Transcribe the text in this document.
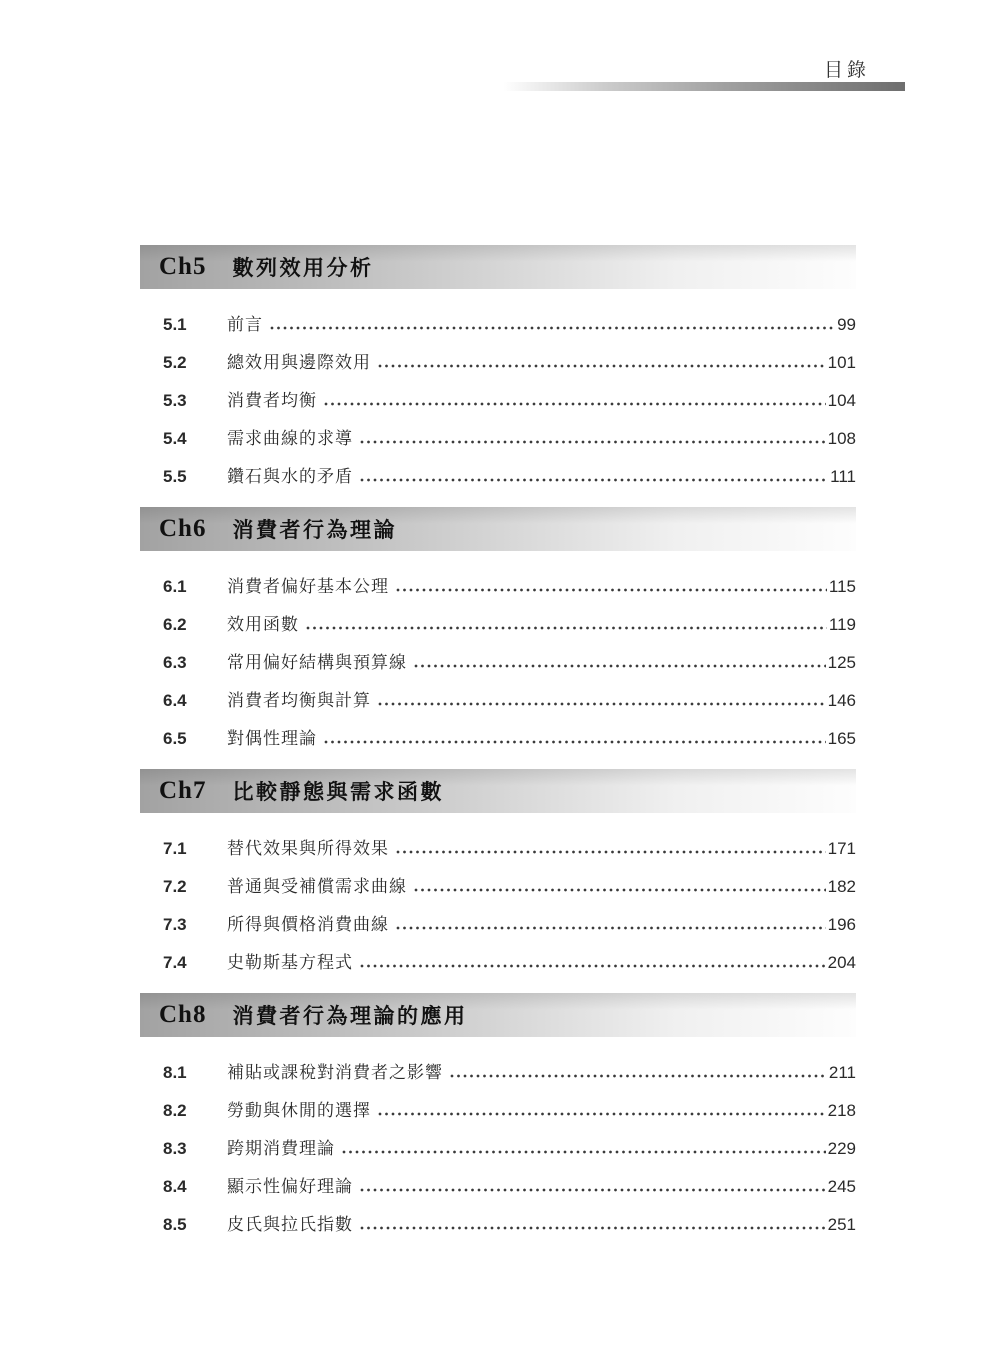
目錄
Ch5 數列效用分析
5.1	前言	99
5.2	總效用與邊際效用	101
5.3	消費者均衡	104
5.4	需求曲線的求導	108
5.5	鑽石與水的矛盾	111
Ch6 消費者行為理論
6.1	消費者偏好基本公理	115
6.2	效用函數	119
6.3	常用偏好結構與預算線	125
6.4	消費者均衡與計算	146
6.5	對偶性理論	165
Ch7 比較靜態與需求函數
7.1	替代效果與所得效果	171
7.2	普通與受補償需求曲線	182
7.3	所得與價格消費曲線	196
7.4	史勒斯基方程式	204
Ch8 消費者行為理論的應用
8.1	補貼或課稅對消費者之影響	211
8.2	勞動與休閒的選擇	218
8.3	跨期消費理論	229
8.4	顯示性偏好理論	245
8.5	皮氏與拉氏指數	251
